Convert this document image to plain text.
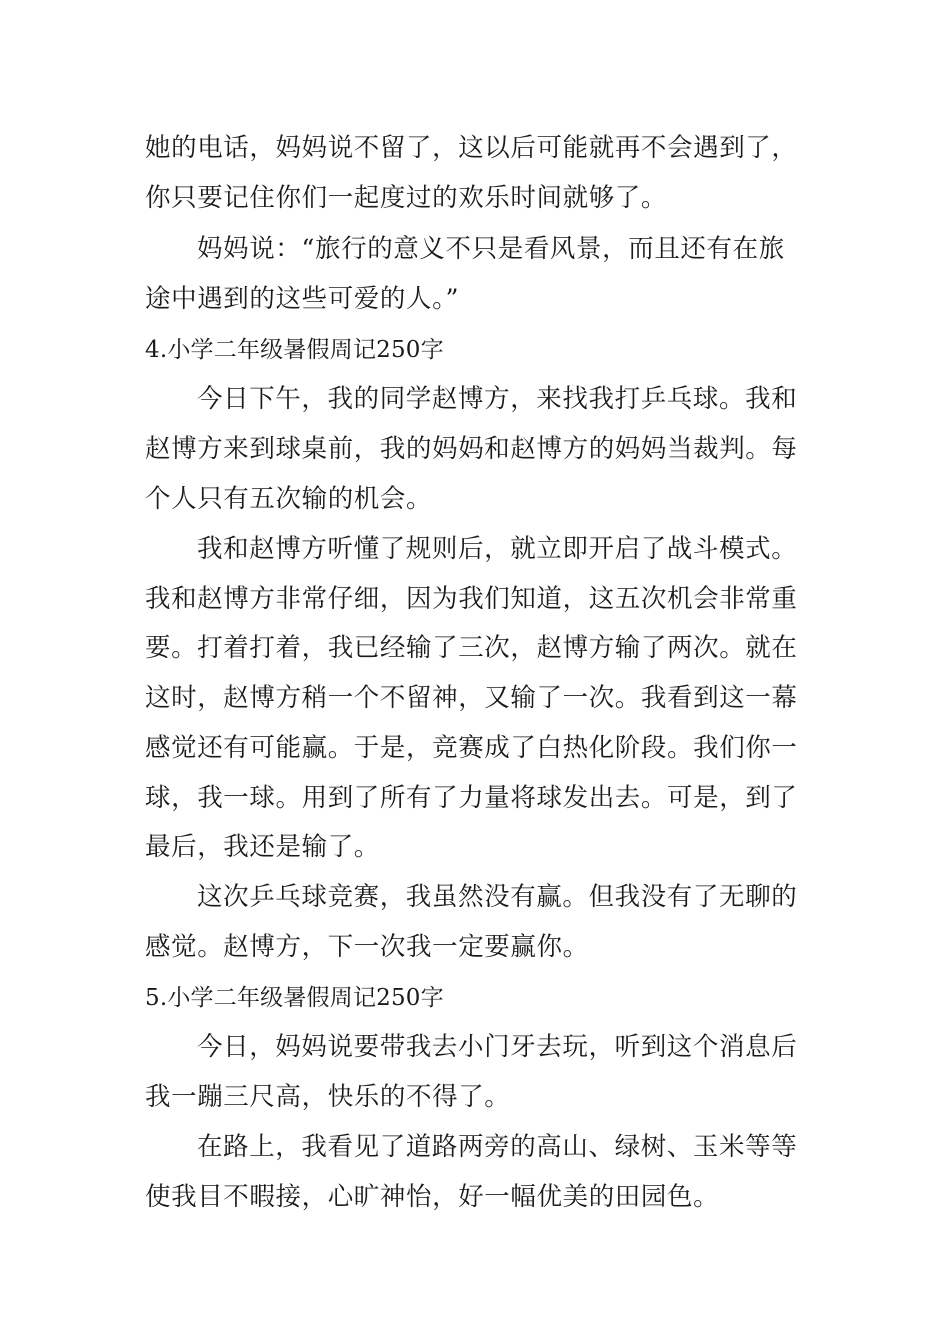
她的电话，妈妈说不留了，这以后可能就再不会遇到了，
你只要记住你们一起度过的欢乐时间就够了。
妈妈说：“旅行的意义不只是看风景，而且还有在旅
途中遇到的这些可爱的人。”
4.小学二年级暑假周记250字
今日下午，我的同学赵博方，来找我打乒乓球。我和
赵博方来到球桌前，我的妈妈和赵博方的妈妈当裁判。每
个人只有五次输的机会。
我和赵博方听懂了规则后，就立即开启了战斗模式。
我和赵博方非常仔细，因为我们知道，这五次机会非常重
要。打着打着，我已经输了三次，赵博方输了两次。就在
这时，赵博方稍一个不留神，又输了一次。我看到这一幕
感觉还有可能赢。于是，竞赛成了白热化阶段。我们你一
球，我一球。用到了所有了力量将球发出去。可是，到了
最后，我还是输了。
这次乒乓球竞赛，我虽然没有赢。但我没有了无聊的
感觉。赵博方，下一次我一定要赢你。
5.小学二年级暑假周记250字
今日，妈妈说要带我去小门牙去玩，听到这个消息后
我一蹦三尺高，快乐的不得了。
在路上，我看见了道路两旁的高山、绿树、玉米等等
使我目不暇接，心旷神怡，好一幅优美的田园色。
